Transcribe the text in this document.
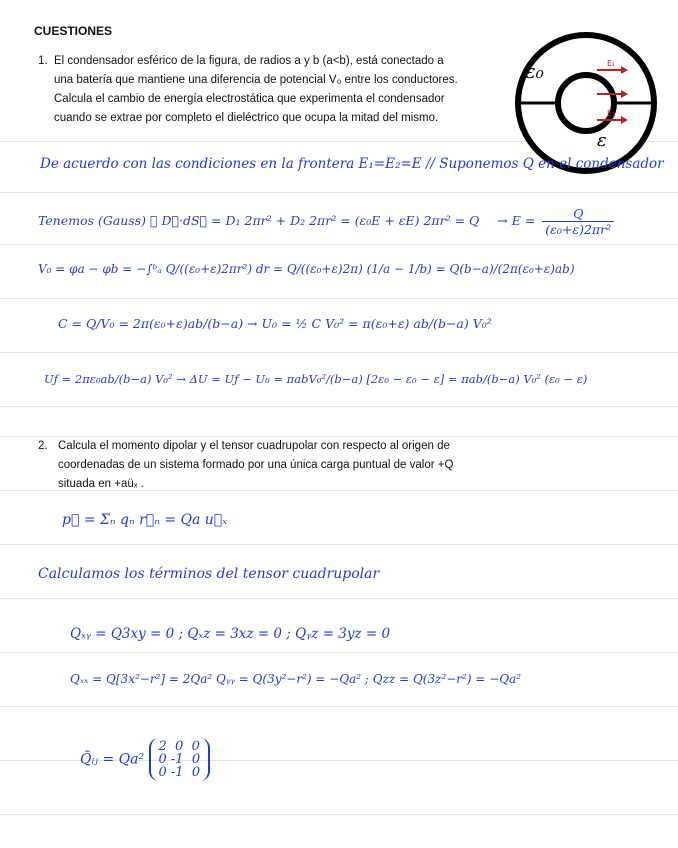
CUESTIONES
1. El condensador esférico de la figura, de radios a y b (a<b), está conectado a
una batería que mantiene una diferencia de potencial V₀ entre los conductores.
Calcula el cambio de energía electrostática que experimenta el condensador
cuando se extrae por completo el dieléctrico que ocupa la mitad del mismo.
ε₀
ε
E₁
E₂
De acuerdo con las condiciones en la frontera E₁=E₂=E // Suponemos Q en el condensador
Tenemos (Gauss) ∮ D⃗·dS⃗ = D₁ 2πr² + D₂ 2πr² = (ε₀E + εE) $2\pi r^2 = Q \to E = \frac{Q}{\text{(ε₀+ε)2πr²}}$
V₀ = φa − φb = −∫ᵇₐ Q/((ε₀+ε)2πr²) dr = Q/((ε₀+ε)2π) (1/a − 1/b) = Q(b−a)/(2π(ε₀+ε)ab)
C = Q/V₀ = 2π(ε₀+ε)ab/(b−a) → U₀ = ½ C V₀² = π(ε₀+ε) ab/(b−a) V₀²
Uƒ = 2πε₀ab/(b−a) V₀² → ΔU = Uƒ − U₀ = πabV₀²/(b−a) [2ε₀ − ε₀ − ε] = πab/(b−a) V₀² (ε₀ − ε)
2. Calcula el momento dipolar y el tensor cuadrupolar con respecto al origen de
coordenadas de un sistema formado por una única carga puntual de valor +Q
situada en +aüₓ .
p⃗ = Σₙ qₙ r⃗ₙ = Qa u⃗ₓ
Calculamos los términos del tensor cuadrupolar
Qₓᵧ = Q3xy = 0 ; Qₓz = 3xz = 0 ; Qᵧz = 3yz = 0
Qₓₓ = Q[3x²−r²] = 2Qa² Qᵧᵧ = Q(3y²−r²) = −Qa² ; Qzz = Q(3z²−r²) = −Qa²
Q̃ᵢⱼ = Qa²
2  0  0
0 -1  0
0 -1  0
